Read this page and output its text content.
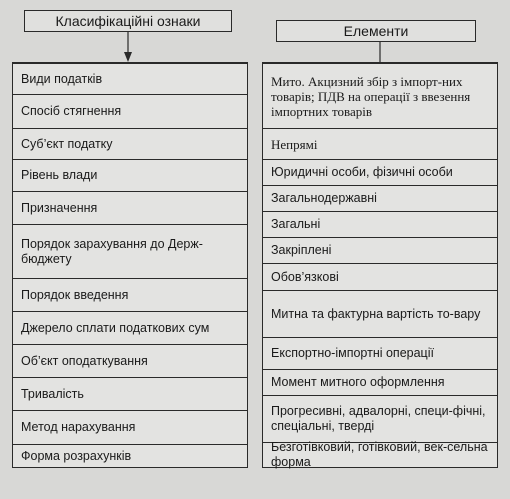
Класифікаційні ознаки
Елементи
Види податків
Спосіб стягнення
Суб’єкт податку
Рівень влади
Призначення
Порядок зарахування до Держ-бюджету
Порядок введення
Джерело сплати податкових сум
Об’єкт оподаткування
Тривалість
Метод нарахування
Форма розрахунків
Мито. Акцизний збір з імпорт-них товарів; ПДВ на операції з ввезення імпортних товарів
Непрямі
Юридичні особи, фізичні особи
Загальнодержавні
Загальні
Закріплені
Обов’язкові
Митна та фактурна вартість то-вару
Експортно-імпортні операції
Момент митного оформлення
Прогресивні, адвалорні, специ-фічні, спеціальні, тверді
Безготівковий, готівковий, век-сельна форма
